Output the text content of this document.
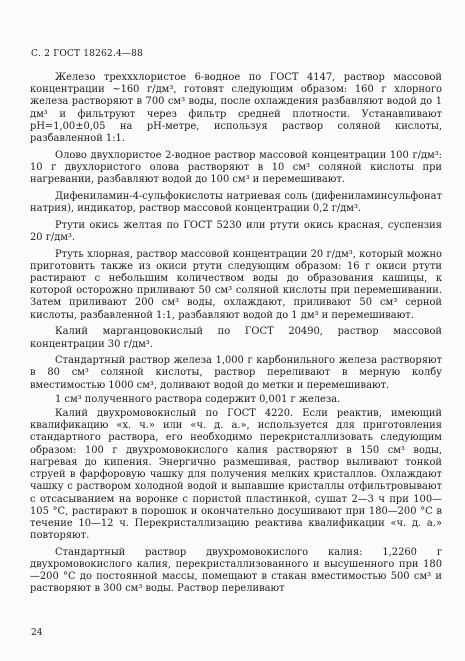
С. 2 ГОСТ 18262.4—88

Железо трехххлористое 6-водное по ГОСТ 4147, раствор массовой концентрации ~160 г/дм³, готовят следующим образом: 160 г хлорного железа растворяют в 700 см³ воды, после охлаждения разбавляют водой до 1 дм³ и фильтруют через фильтр средней плотности. Устанавливают pH=1,00±0,05 на pH-метре, используя раствор соляной кислоты, разбавленной 1:1.

Олово двухлористое 2-водное раствор массовой концентрации 100 г/дм³: 10 г двухлористого олова растворяют в 10 см³ соляной кислоты при нагревании, разбавляют водой до 100 см³ и перемешивают.

Дифениламин-4-сульфокислоты натриевая соль (дифениламинсульфонат натрия), индикатор, раствор массовой концентрации 0,2 г/дм³.

Ртути окись желтая по ГОСТ 5230 или ртути окись красная, суспензия 20 г/дм³.

Ртуть хлорная, раствор массовой концентрации 20 г/дм³, который можно приготовить также из окиси ртути следующим образом: 16 г окиси ртути растирают с небольшим количеством воды до образования кашицы, к которой осторожно приливают 50 см³ соляной кислоты при перемешивании. Затем приливают 200 см³ воды, охлаждают, приливают 50 см³ серной кислоты, разбавленной 1:1, разбавляют водой до 1 дм³ и перемешивают.

Калий марганцовокислый по ГОСТ 20490, раствор массовой концентрации 30 г/дм³.

Стандартный раствор железа 1,000 г карбонильного железа растворяют в 80 см³ соляной кислоты, раствор переливают в мерную колбу вместимостью 1000 см³, доливают водой до метки и перемешивают.

1 см³ полученного раствора содержит 0,001 г железа.

Калий двухромовокислый по ГОСТ 4220. Если реактив, имеющий квалификацию «х. ч.» или «ч. д. а.», используется для приготовления стандартного раствора, его необходимо перекристаллизовать следующим образом: 100 г двухромовокислого калия растворяют в 150 см³ воды, нагревая до кипения. Энергично размешивая, раствор выливают тонкой струей в фарфоровую чашку для получения мелких кристаллов. Охлаждают чашку с раствором холодной водой и выпавшие кристаллы отфильтровывают с отсасыванием на воронке с пористой пластинкой, сушат 2—3 ч при 100—105 °С, растирают в порошок и окончательно досушивают при 180—200 °С в течение 10—12 ч. Перекристаллизацию реактива квалификации «ч. д. а.» повторяют.

Стандартный раствор двухромовокислого калия: 1,2260 г двухромовокислого калия, перекристаллизованного и высушенного при 180—200 °С до постоянной массы, помещают в стакан вместимостью 500 см³ и растворяют в 300 см³ воды. Раствор переливают

24
